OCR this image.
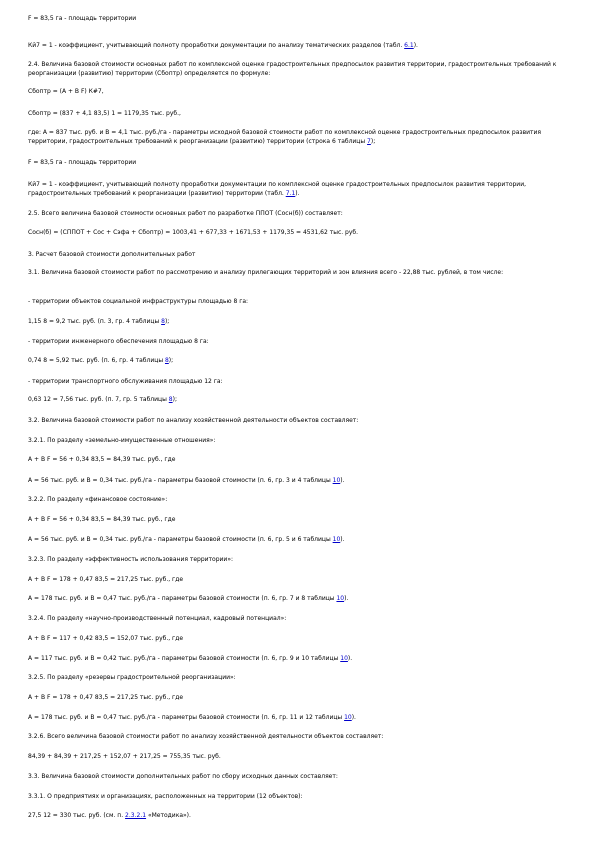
F = 83,5 га - площадь территории
Кй7 = 1 - коэффициент, учитывающий полноту проработки документации по анализу тематических разделов (табл. 6.1).
2.4. Величина базовой стоимости основных работ по комплексной оценке градостроительных предпосылок развития территории, градостроительных требований к реорганизации (развитию) территории (Сбоптр) определяется по формуле:
Сбоптр = (А + В F) К#7,
Сбоптр = (837 + 4,1 83,5) 1 = 1179,35 тыс. руб.,
где: А = 837 тыс. руб. и В = 4,1 тыс. руб./га - параметры исходной базовой стоимости работ по комплексной оценке градостроительных предпосылок развития территории, градостроительных требований к реорганизации (развитию) территории (строка 6 таблицы 7);
F = 83,5 га - площадь территории
Кй7 = 1 - коэффициент, учитывающий полноту проработки документации по комплексной оценке градостроительных предпосылок развития территории, градостроительных требований к реорганизации (развитию) территории (табл. 7.1).
2.5. Всего величина базовой стоимости основных работ по разработке ППОТ (Сосн(б)) составляет:
Сосн(б) = (СППОТ + Сос + Сэфа + Сбоптр) = 1003,41 + 677,33 + 1671,53 + 1179,35 = 4531,62 тыс. руб.
3. Расчет базовой стоимости дополнительных работ
3.1. Величина базовой стоимости работ по рассмотрению и анализу прилегающих территорий и зон влияния всего - 22,88 тыс. рублей, в том числе:
- территории объектов социальной инфраструктуры площадью 8 га:
1,15 8 = 9,2 тыс. руб. (п. 3, гр. 4 таблицы 8);
- территории инженерного обеспечения площадью 8 га:
0,74 8 = 5,92 тыс. руб. (п. 6, гр. 4 таблицы 8);
- территории транспортного обслуживания площадью 12 га:
0,63 12 = 7,56 тыс. руб. (п. 7, гр. 5 таблицы 8);
3.2. Величина базовой стоимости работ по анализу хозяйственной деятельности объектов составляет:
3.2.1. По разделу «земельно-имущественные отношения»:
А + В F = 56 + 0,34 83,5 = 84,39 тыс. руб., где
А = 56 тыс. руб. и В = 0,34 тыс. руб./га - параметры базовой стоимости (п. 6, гр. 3 и 4 таблицы 10).
3.2.2. По разделу «финансовое состояние»:
А + В F = 56 + 0,34 83,5 = 84,39 тыс. руб., где
А = 56 тыс. руб. и В = 0,34 тыс. руб./га - параметры базовой стоимости (п. 6, гр. 5 и 6 таблицы 10).
3.2.3. По разделу «эффективность использования территории»:
А + В F = 178 + 0,47 83,5 = 217,25 тыс. руб., где
А = 178 тыс. руб. и В = 0,47 тыс. руб./га - параметры базовой стоимости (п. 6, гр. 7 и 8 таблицы 10).
3.2.4. По разделу «научно-производственный потенциал, кадровый потенциал»:
А + В F = 117 + 0,42 83,5 = 152,07 тыс. руб., где
А = 117 тыс. руб. и В = 0,42 тыс. руб./га - параметры базовой стоимости (п. 6, гр. 9 и 10 таблицы 10).
3.2.5. По разделу «резервы градостроительной реорганизации»:
А + В F = 178 + 0,47 83,5 = 217,25 тыс. руб., где
А = 178 тыс. руб. и В = 0,47 тыс. руб./га - параметры базовой стоимости (п. 6, гр. 11 и 12 таблицы 10).
3.2.6. Всего величина базовой стоимости работ по анализу хозяйственной деятельности объектов составляет:
84,39 + 84,39 + 217,25 + 152,07 + 217,25 = 755,35 тыс. руб.
3.3. Величина базовой стоимости дополнительных работ по сбору исходных данных составляет:
3.3.1. О предприятиях и организациях, расположенных на территории (12 объектов):
27,5 12 = 330 тыс. руб. (см. п. 2.3.2.1 «Методика»).
